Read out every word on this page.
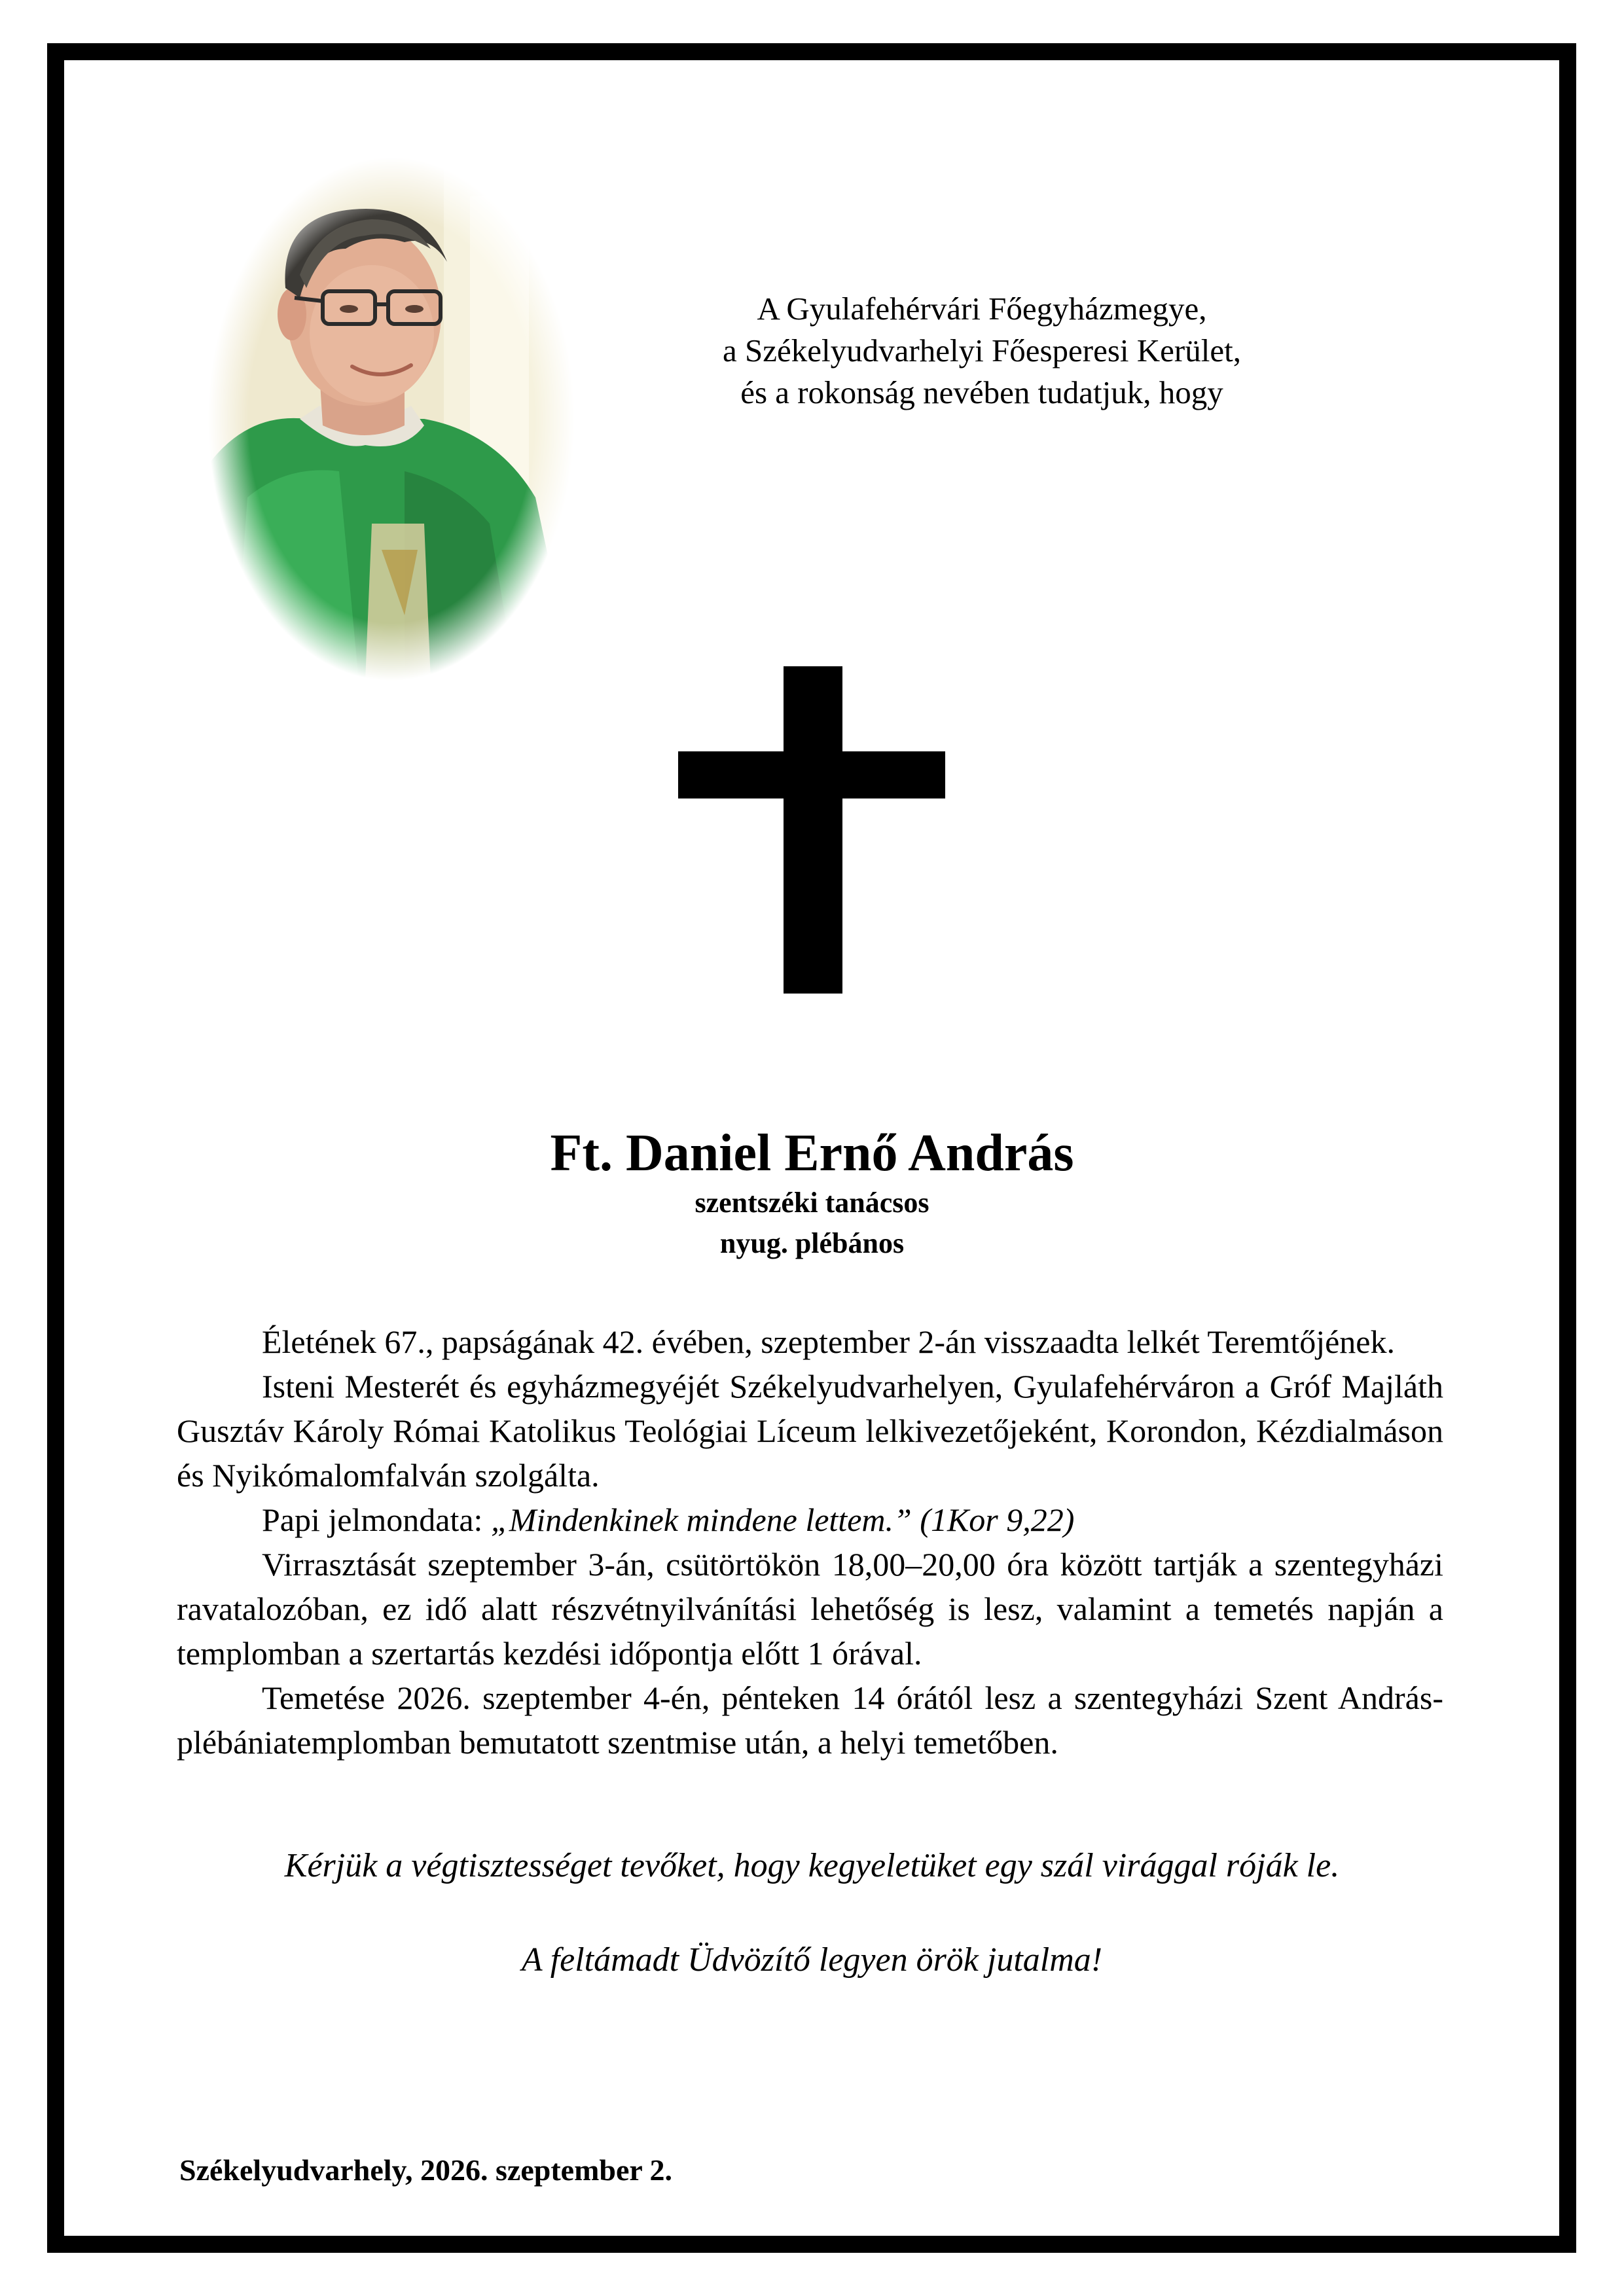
A Gyulafehérvári Főegyházmegye,
a Székelyudvarhelyi Főesperesi Kerület,
és a rokonság nevében tudatjuk, hogy
Ft. Daniel Ernő András
szentszéki tanácsos
nyug. plébános

Életének 67., papságának 42. évében, szeptember 2-án visszaadta lelkét Teremtőjének.

Isteni Mesterét és egyházmegyéjét Székelyudvarhelyen, Gyulafehérváron a Gróf Majláth Gusztáv Károly Római Katolikus Teológiai Líceum lelkivezetőjeként, Korondon, Kézdialmáson és Nyikómalomfalván szolgálta.

Papi jelmondata: „Mindenkinek mindene lettem.” (1Kor 9,22)

Virrasztását szeptember 3-án, csütörtökön 18,00–20,00 óra között tartják a szentegyházi ravatalozóban, ez idő alatt részvétnyilvánítási lehetőség is lesz, valamint a temetés napján a templomban a szertartás kezdési időpontja előtt 1 órával.

Temetése 2026. szeptember 4-én, pénteken 14 órától lesz a szentegyházi Szent András-plébániatemplomban bemutatott szentmise után, a helyi temetőben.

Kérjük a végtisztességet tevőket, hogy kegyeletüket egy szál virággal róják le.
A feltámadt Üdvözítő legyen örök jutalma!
Székelyudvarhely, 2026. szeptember 2.
